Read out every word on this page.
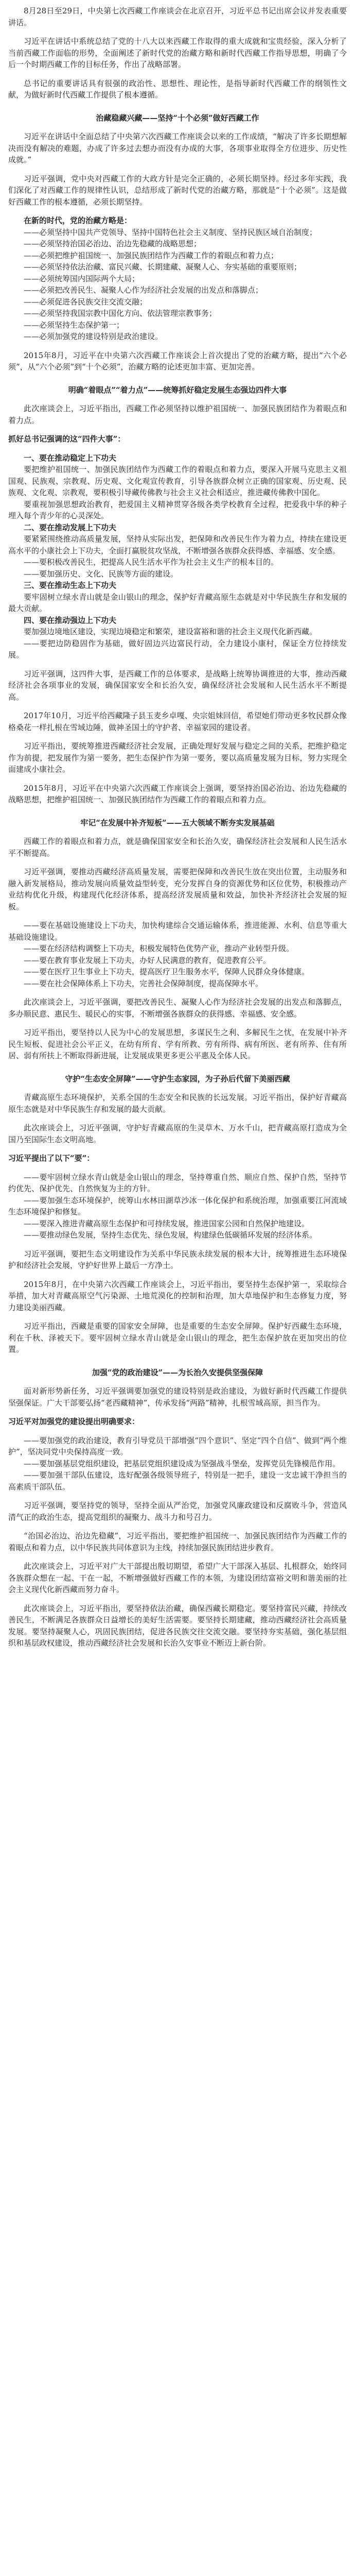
8月28日至29日，中央第七次西藏工作座谈会在北京召开，习近平总书记出席会议并发表重要讲话。
习近平在讲话中系统总结了党的十八大以来西藏工作取得的重大成就和宝贵经验，深入分析了当前西藏工作面临的形势，全面阐述了新时代党的治藏方略和新时代西藏工作指导思想，明确了今后一个时期西藏工作的目标任务，作出了战略部署。
总书记的重要讲话具有很强的政治性、思想性、理论性，是指导新时代西藏工作的纲领性文献，为做好新时代西藏工作提供了根本遵循。
治藏稳藏兴藏——坚持“十个必须”做好西藏工作
习近平在讲话中全面总结了中央第六次西藏工作座谈会以来的工作成绩，“解决了许多长期想解决而没有解决的难题，办成了许多过去想办而没有办成的大事，各项事业取得全方位进步、历史性成就。”
习近平强调，党中央对西藏工作的大政方针是完全正确的，必须长期坚持。经过多年实践，我们深化了对西藏工作的规律性认识，总结形成了新时代党的治藏方略，那就是“十个必须”。这是做好西藏工作的根本遵循，必须长期坚持。
在新的时代，党的治藏方略是：
——必须坚持中国共产党领导、坚持中国特色社会主义制度、坚持民族区域自治制度；
——必须坚持治国必治边、治边先稳藏的战略思想；
——必须把维护祖国统一、加强民族团结作为西藏工作的着眼点和着力点；
——必须坚持依法治藏、富民兴藏、长期建藏、凝聚人心、夯实基础的重要原则；
——必须统筹国内国际两个大局；
——必须把改善民生、凝聚人心作为经济社会发展的出发点和落脚点；
——必须促进各民族交往交流交融；
——必须坚持我国宗教中国化方向、依法管理宗教事务；
——必须坚持生态保护第一；
——必须加强党的建设特别是政治建设。
2015年8月，习近平在中央第六次西藏工作座谈会上首次提出了党的治藏方略，提出“六个必须”，从“六个必须”到“十个必须”，治藏方略的论述更加丰富、更加完善。
明确“着眼点”“着力点”——统筹抓好稳定发展生态强边四件大事
此次座谈会上，习近平指出，西藏工作必须坚持以维护祖国统一、加强民族团结作为着眼点和着力点。
抓好总书记强调的这“四件大事”：
一、要在推动稳定上下功夫
要把维护祖国统一、加强民族团结作为西藏工作的着眼点和着力点，要深入开展马克思主义祖国观、民族观、宗教观、历史观、文化观宣传教育，引导各族群众树立正确的国家观、历史观、民族观、文化观、宗教观，要积极引导藏传佛教与社会主义社会相适应，推进藏传佛教中国化。
要重视加强思想政治教育，把爱国主义精神贯穿各级各类学校教育全过程，把爱我中华的种子埋入每个青少年的心灵深处。
二、要在推动发展上下功夫
要紧紧围绕推动高质量发展，坚持从实际出发，把保障和改善民生作为着力点，持续在建设更高水平的小康社会上下功夫，全面打赢脱贫攻坚战，不断增强各族群众获得感、幸福感、安全感。
——要积极改善民生，把提高人民生活水平作为社会主义生产的根本目的。
——要加强历史、文化、民族等方面的建设。
三、要在推动生态上下功夫
要牢固树立绿水青山就是金山银山的理念，保护好青藏高原生态就是对中华民族生存和发展的最大贡献。
四、要在推动强边上下功夫
要加强边境地区建设，实现边境稳定和繁荣，建设富裕和谐的社会主义现代化新西藏。
——要把边防稳固作为基础，做好固边兴边富民行动，全力建设小康村，保证全方位持续发展。
习近平强调，这四件大事，是西藏工作的总体要求，是战略上统筹协调推进的大事，推动西藏经济社会各项事业的发展，确保国家安全和长治久安，确保经济社会发展和人民生活水平不断提高。
2017年10月，习近平给西藏隆子县玉麦乡卓嘎、央宗姐妹回信，希望她们带动更多牧民群众像格桑花一样扎根在雪域边陲，做神圣国土的守护者、幸福家园的建设者。
习近平指出，要统筹推进西藏经济社会发展，正确处理好发展与稳定之间的关系，把维护稳定作为前提，把发展作为第一要务，把生态保护作为第一要务，要以高质量发展为目标，努力实现全面建成小康社会。
2015年8月，习近平在中央第六次西藏工作座谈会上强调，要坚持治国必治边、治边先稳藏的战略思想，把维护祖国统一、加强民族团结作为西藏工作的着眼点和着力点。
牢记“在发展中补齐短板”——五大领域不断夯实发展基础
西藏工作的着眼点和着力点，就是确保国家安全和长治久安，确保经济社会发展和人民生活水平不断提高。
习近平强调，要推动西藏经济高质量发展，需要把保障和改善民生放在突出位置，主动服务和融入新发展格局，推动发展向质量效益型转变，充分发挥自身的资源优势和区位优势，积极推动产业结构优化升级，构建现代化经济体系，提高经济发展质量和效益，加快补齐经济社会发展的短板。
——要在基础设施建设上下功夫，加快构建综合交通运输体系，推进能源、水利、信息等重大基础设施建设。
——要在经济结构调整上下功夫，积极发展特色优势产业，推动产业转型升级。
——要在教育事业发展上下功夫，办好人民满意的教育，促进教育公平。
——要在医疗卫生事业上下功夫，提高医疗卫生服务水平，保障人民群众身体健康。
——要在社会保障体系上下功夫，完善社会保障制度，提高保障水平。
此次座谈会上，习近平强调，要把改善民生、凝聚人心作为经济社会发展的出发点和落脚点，多办顺民意、惠民生、暖民心的实事，不断增强各族群众的获得感、幸福感、安全感。
习近平指出，要坚持以人民为中心的发展思想，多谋民生之利、多解民生之忧，在发展中补齐民生短板、促进社会公平正义，在幼有所育、学有所教、劳有所得、病有所医、老有所养、住有所居、弱有所扶上不断取得新进展，让发展成果更多更公平惠及全体人民。
守护“生态安全屏障”——守护生态家园，为子孙后代留下美丽西藏
青藏高原生态环境保护，关系全国的生态安全和民族的长远发展。习近平指出，保护好青藏高原生态就是对中华民族生存和发展的最大贡献。
此次座谈会上，习近平强调，守护好青藏高原的生灵草木、万水千山，把青藏高原打造成为全国乃至国际生态文明高地。
习近平提出了以下“要”：
——要牢固树立绿水青山就是金山银山的理念，坚持尊重自然、顺应自然、保护自然，坚持节约优先、保护优先、自然恢复为主的方针。
——要加强生态环境保护，统筹山水林田湖草沙冰一体化保护和系统治理，加强重要江河流域生态环境保护和修复。
——要深入推进青藏高原生态保护和可持续发展，推进国家公园和自然保护地建设。
——要推动绿色发展，坚持生态优先、绿色发展，构建绿色低碳循环发展的经济体系。
习近平强调，要把生态文明建设作为关系中华民族永续发展的根本大计，统筹推进生态环境保护和经济社会发展，守护好世界上最后一方净土。
2015年8月，在中央第六次西藏工作座谈会上，习近平指出，要坚持生态保护第一，采取综合举措，加大对青藏高原空气污染源、土地荒漠化的控制和治理，加大草地保护和生态修复力度，努力建设美丽西藏。
习近平指出，西藏是重要的国家安全屏障，也是重要的生态安全屏障。保护好西藏生态环境，利在千秋、泽被天下。要牢固树立绿水青山就是金山银山的理念，把生态保护放在更加突出的位置。
加强“党的政治建设”——为长治久安提供坚强保障
面对新形势新任务，习近平强调要加强党的建设特别是政治建设，为做好新时代西藏工作提供坚强保证。广大干部要弘扬“老西藏精神”，传承发扬“两路”精神，扎根雪域高原，担当作为。
习近平对加强党的建设提出明确要求：
——要加强党的政治建设，教育引导党员干部增强“四个意识”、坚定“四个自信”、做到“两个维护”，坚决同党中央保持高度一致。
——要加强基层党组织建设，把基层党组织建设成为坚强战斗堡垒，发挥党员先锋模范作用。
——要加强干部队伍建设，选好配强各级领导班子，特别是一把手，建设一支忠诚干净担当的高素质干部队伍。
习近平强调，要坚持党的领导，坚持全面从严治党，加强党风廉政建设和反腐败斗争，营造风清气正的政治生态，提高党组织的凝聚力、战斗力和号召力。
“治国必治边、治边先稳藏”，习近平指出，要把维护祖国统一、加强民族团结作为西藏工作的着眼点和着力点，以中华民族共同体意识为主线，持续加强民族团结进步教育。
此次座谈会上，习近平对广大干部提出殷切期望，希望广大干部深入基层、扎根群众，始终同各族群众想在一起、干在一起，不断增强做好西藏工作的本领，为建设团结富裕文明和谐美丽的社会主义现代化新西藏而努力奋斗。
此次座谈会上，习近平指出，要坚持依法治藏，确保西藏长期稳定。要坚持富民兴藏，持续改善民生，不断满足各族群众日益增长的美好生活需要。要坚持长期建藏，推动西藏经济社会高质量发展。要坚持凝聚人心，巩固民族团结，促进各民族交往交流交融。要坚持夯实基础，强化基层组织和基层政权建设，推动西藏经济社会发展和长治久安事业不断迈上新台阶。
